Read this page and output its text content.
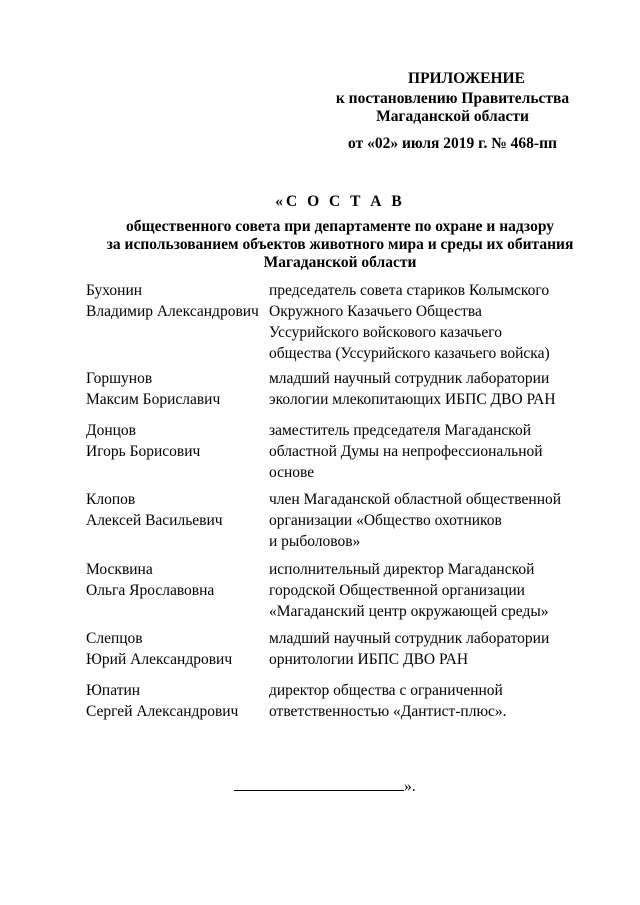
ПРИЛОЖЕНИЕ
к постановлению Правительства
Магаданской области
от «02» июля 2019 г. № 468-пп
«С О С Т А В
общественного совета при департаменте по охране и надзору
за использованием объектов животного мира и среды их обитания
Магаданской области
Бухонин
Владимир Александрович
председатель совета стариков Колымского
Окружного Казачьего Общества
Уссурийского войскового казачьего
общества (Уссурийского казачьего войска)
Горшунов
Максим Бориславич
младший научный сотрудник лаборатории
экологии млекопитающих ИБПС ДВО РАН
Донцов
Игорь Борисович
заместитель председателя Магаданской
областной Думы на непрофессиональной
основе
Клопов
Алексей Васильевич
член Магаданской областной общественной
организации «Общество охотников
и рыболовов»
Москвина
Ольга Ярославовна
исполнительный директор Магаданской
городской Общественной организации
«Магаданский центр окружающей среды»
Слепцов
Юрий Александрович
младший научный сотрудник лаборатории
орнитологии ИБПС ДВО РАН
Юпатин
Сергей Александрович
директор общества с ограниченной
ответственностью «Дантист-плюс».
».
